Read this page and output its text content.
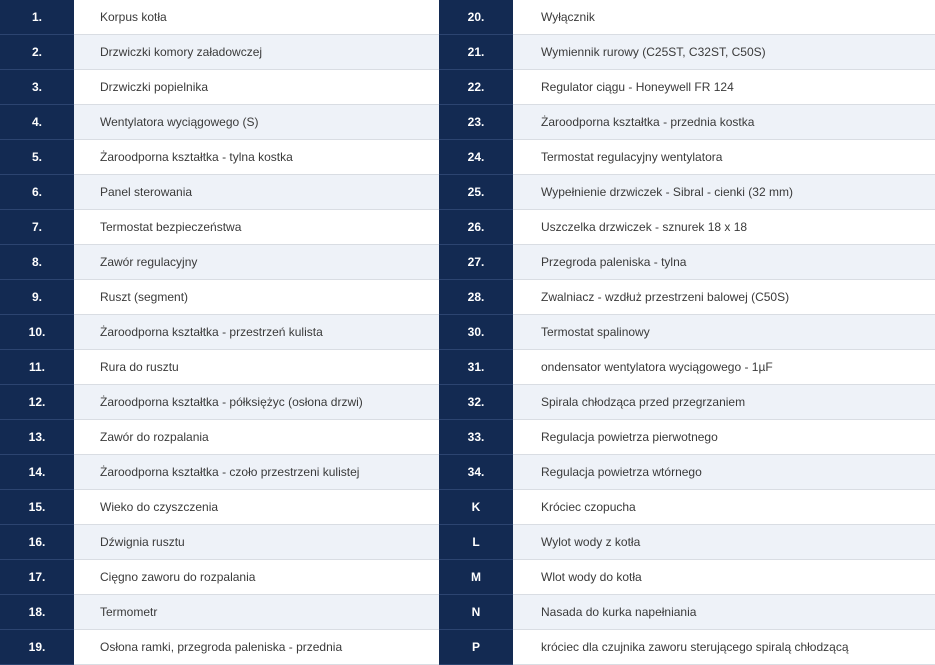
1.	Korpus kotła	20.	Wyłącznik
2.	Drzwiczki komory załadowczej	21.	Wymiennik rurowy (C25ST, C32ST, C50S)
3.	Drzwiczki popielnika	22.	Regulator ciągu - Honeywell FR 124
4.	Wentylatora wyciągowego (S)	23.	Żaroodporna kształtka - przednia kostka
5.	Żaroodporna kształtka - tylna kostka	24.	Termostat regulacyjny wentylatora
6.	Panel sterowania	25.	Wypełnienie drzwiczek - Sibral - cienki (32 mm)
7.	Termostat bezpieczeństwa	26.	Uszczelka drzwiczek - sznurek 18 x 18
8.	Zawór regulacyjny	27.	Przegroda paleniska - tylna
9.	Ruszt (segment)	28.	Zwalniacz - wzdłuż przestrzeni balowej (C50S)
10.	Żaroodporna kształtka - przestrzeń kulista	30.	Termostat spalinowy
11.	Rura do rusztu	31.	ondensator wentylatora wyciągowego - 1µF
12.	Żaroodporna kształtka - półksiężyc (osłona drzwi)	32.	Spirala chłodząca przed przegrzaniem
13.	Zawór do rozpalania	33.	Regulacja powietrza pierwotnego
14.	Żaroodporna kształtka - czoło przestrzeni kulistej	34.	Regulacja powietrza wtórnego
15.	Wieko do czyszczenia	K	Króciec czopucha
16.	Dźwignia rusztu	L	Wylot wody z kotła
17.	Cięgno zaworu do rozpalania	M	Wlot wody do kotła
18.	Termometr	N	Nasada do kurka napełniania
19.	Osłona ramki, przegroda paleniska - przednia	P	króciec dla czujnika zaworu sterującego spiralą chłodzącą
